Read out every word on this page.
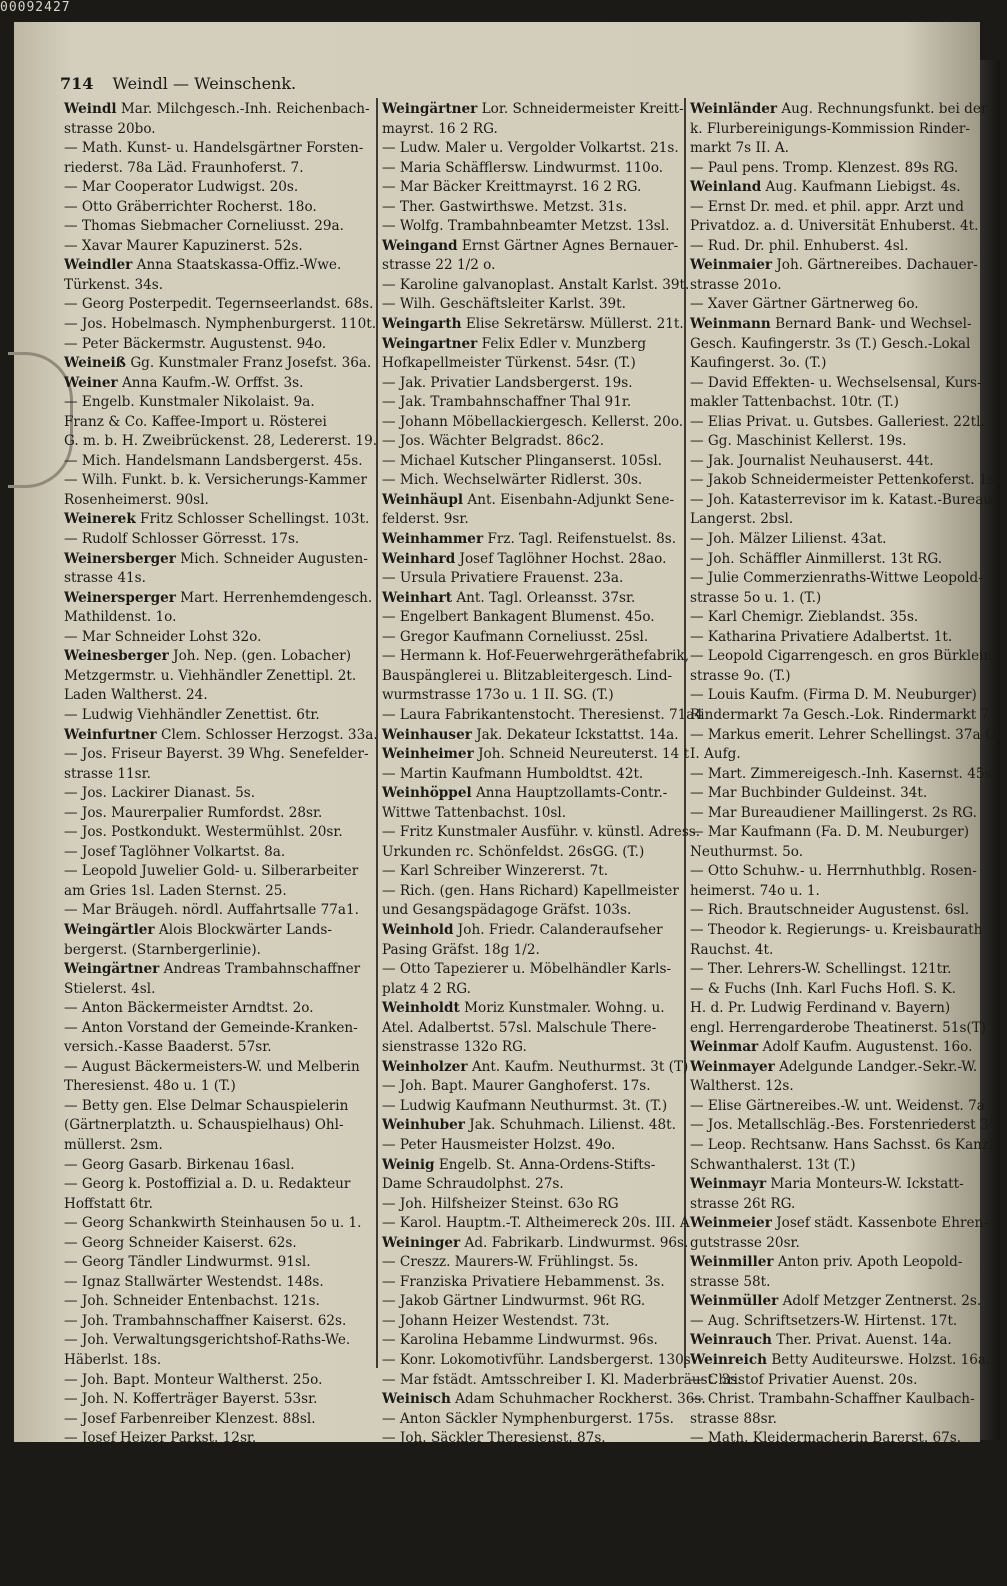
00092427
714 Weindl — Weinschenk.
Weindl Mar. Milchgesch.-Inh. Reichenbach-
strasse 20bo.
— Math. Kunst- u. Handelsgärtner Forsten-
riederst. 78a Läd. Fraunhoferst. 7.
— Mar Cooperator Ludwigst. 20s.
— Otto Gräberrichter Rocherst. 18o.
— Thomas Siebmacher Corneliusst. 29a.
— Xavar Maurer Kapuzinerst. 52s.
Weindler Anna Staatskassa-Offiz.-Wwe.
Türkenst. 34s.
— Georg Posterpedit. Tegernseerlandst. 68s.
— Jos. Hobelmasch. Nymphenburgerst. 110t.
— Peter Bäckermstr. Augustenst. 94o.
Weineiß Gg. Kunstmaler Franz Josefst. 36a.
Weiner Anna Kaufm.-W. Orffst. 3s.
— Engelb. Kunstmaler Nikolaist. 9a.
Franz & Co. Kaffee-Import u. Rösterei
G. m. b. H. Zweibrückenst. 28, Ledererst. 19.
— Mich. Handelsmann Landsbergerst. 45s.
— Wilh. Funkt. b. k. Versicherungs-Kammer
Rosenheimerst. 90sl.
Weinerek Fritz Schlosser Schellingst. 103t.
— Rudolf Schlosser Görresst. 17s.
Weinersberger Mich. Schneider Augusten-
strasse 41s.
Weinersperger Mart. Herrenhemdengesch.
Mathildenst. 1o.
— Mar Schneider Lohst 32o.
Weinesberger Joh. Nep. (gen. Lobacher)
Metzgermstr. u. Viehhändler Zenettipl. 2t.
Laden Waltherst. 24.
— Ludwig Viehhändler Zenettist. 6tr.
Weinfurtner Clem. Schlosser Herzogst. 33a.
— Jos. Friseur Bayerst. 39 Whg. Senefelder-
strasse 11sr.
— Jos. Lackirer Dianast. 5s.
— Jos. Maurerpalier Rumfordst. 28sr.
— Jos. Postkondukt. Westermühlst. 20sr.
— Josef Taglöhner Volkartst. 8a.
— Leopold Juwelier Gold- u. Silberarbeiter
am Gries 1sl. Laden Sternst. 25.
— Mar Bräugeh. nördl. Auffahrtsalle 77a1.
Weingärtler Alois Blockwärter Lands-
bergerst. (Starnbergerlinie).
Weingärtner Andreas Trambahnschaffner
Stielerst. 4sl.
— Anton Bäckermeister Arndtst. 2o.
— Anton Vorstand der Gemeinde-Kranken-
versich.-Kasse Baaderst. 57sr.
— August Bäckermeisters-W. und Melberin
Theresienst. 48o u. 1 (T.)
— Betty gen. Else Delmar Schauspielerin
(Gärtnerplatzth. u. Schauspielhaus) Ohl-
müllerst. 2sm.
— Georg Gasarb. Birkenau 16asl.
— Georg k. Postoffizial a. D. u. Redakteur
Hoffstatt 6tr.
— Georg Schankwirth Steinhausen 5o u. 1.
— Georg Schneider Kaiserst. 62s.
— Georg Tändler Lindwurmst. 91sl.
— Ignaz Stallwärter Westendst. 148s.
— Joh. Schneider Entenbachst. 121s.
— Joh. Trambahnschaffner Kaiserst. 62s.
— Joh. Verwaltungsgerichtshof-Raths-We.
Häberlst. 18s.
— Joh. Bapt. Monteur Waltherst. 25o.
— Joh. N. Kofferträger Bayerst. 53sr.
— Josef Farbenreiber Klenzest. 88sl.
— Josef Heizer Parkst. 12sr.
— Josef Melber Götheſt. 20o. Lad. Schleiß-
heimerst. 13.
— Karl Polizeifunktionär Schornst. 2s.
— Karol. Milchhändlerin u. Zeitungsfiliale
Louisenst. 66o.
— Kaspar Hoftheat.-Gard.-Geh. Cornelius-
strasse 16a.
Weingärtner Lor. Schneidermeister Kreitt-
mayrst. 16 2 RG.
— Ludw. Maler u. Vergolder Volkartst. 21s.
— Maria Schäfflersw. Lindwurmst. 110o.
— Mar Bäcker Kreittmayrst. 16 2 RG.
— Ther. Gastwirthswe. Metzst. 31s.
— Wolfg. Trambahnbeamter Metzst. 13sl.
Weingand Ernst Gärtner Agnes Bernauer-
strasse 22 1/2 o.
— Karoline galvanoplast. Anstalt Karlst. 39t.
— Wilh. Geschäftsleiter Karlst. 39t.
Weingarth Elise Sekretärsw. Müllerst. 21t.
Weingartner Felix Edler v. Munzberg
Hofkapellmeister Türkenst. 54sr. (T.)
— Jak. Privatier Landsbergerst. 19s.
— Jak. Trambahnschaffner Thal 91r.
— Johann Möbellackiergesch. Kellerst. 20o.
— Jos. Wächter Belgradst. 86c2.
— Michael Kutscher Plinganserst. 105sl.
— Mich. Wechselwärter Ridlerst. 30s.
Weinhäupl Ant. Eisenbahn-Adjunkt Sene-
felderst. 9sr.
Weinhammer Frz. Tagl. Reifenstuelst. 8s.
Weinhard Josef Taglöhner Hochst. 28ao.
— Ursula Privatiere Frauenst. 23a.
Weinhart Ant. Tagl. Orleansst. 37sr.
— Engelbert Bankagent Blumenst. 45o.
— Gregor Kaufmann Corneliusst. 25sl.
— Hermann k. Hof-Feuerwehrgeräthefabrik,
Bauspänglerei u. Blitzableitergesch. Lind-
wurmstrasse 173o u. 1 II. SG. (T.)
— Laura Fabrikantenstocht. Theresienst. 71a4
Weinhauser Jak. Dekateur Ickstattst. 14a.
Weinheimer Joh. Schneid Neureuterst. 14 t
— Martin Kaufmann Humboldtst. 42t.
Weinhöppel Anna Hauptzollamts-Contr.-
Wittwe Tattenbachst. 10sl.
— Fritz Kunstmaler Ausführ. v. künstl. Adress.
Urkunden rc. Schönfeldst. 26sGG. (T.)
— Karl Schreiber Winzererst. 7t.
— Rich. (gen. Hans Richard) Kapellmeister
und Gesangspädagoge Gräfst. 103s.
Weinhold Joh. Friedr. Calanderaufseher
Pasing Gräfst. 18g 1/2.
— Otto Tapezierer u. Möbelhändler Karls-
platz 4 2 RG.
Weinholdt Moriz Kunstmaler. Wohng. u.
Atel. Adalbertst. 57sl. Malschule There-
sienstrasse 132o RG.
Weinholzer Ant. Kaufm. Neuthurmst. 3t (T)
— Joh. Bapt. Maurer Ganghoferst. 17s.
— Ludwig Kaufmann Neuthurmst. 3t. (T.)
Weinhuber Jak. Schuhmach. Lilienst. 48t.
— Peter Hausmeister Holzst. 49o.
Weinig Engelb. St. Anna-Ordens-Stifts-
Dame Schraudolphst. 27s.
— Joh. Hilfsheizer Steinst. 63o RG
— Karol. Hauptm.-T. Altheimereck 20s. III. A
Weininger Ad. Fabrikarb. Lindwurmst. 96s.
— Creszz. Maurers-W. Frühlingst. 5s.
— Franziska Privatiere Hebammenst. 3s.
— Jakob Gärtner Lindwurmst. 96t RG.
— Johann Heizer Westendst. 73t.
— Karolina Hebamme Lindwurmst. 96s.
— Konr. Lokomotivführ. Landsbergerst. 130s
— Mar fstädt. Amtsschreiber I. Kl. Maderbräust. 3s.
Weinisch Adam Schuhmacher Rockherst. 36s.
— Anton Säckler Nymphenburgerst. 175s.
— Joh. Säckler Theresienst. 87s.
— Joh. Säckler Ledererst. 17s Lad. Thal 77.
— Karl kgl. Gymnasiallehrer für Zeichnen
Hohenzollernst. 54sr.
— Karl Monteur Occamst. 1s.
Weinknecht Johann Vergold. Türkenst. 20a
Werkst. Theresienst. 66o.
Weinländer Aug. Rechnungsfunkt. bei der
k. Flurbereinigungs-Kommission Rinder-
markt 7s II. A.
— Paul pens. Tromp. Klenzest. 89s RG.
Weinland Aug. Kaufmann Liebigst. 4s.
— Ernst Dr. med. et phil. appr. Arzt und
Privatdoz. a. d. Universität Enhuberst. 4t.
— Rud. Dr. phil. Enhuberst. 4sl.
Weinmaier Joh. Gärtnereibes. Dachauer-
strasse 201o.
— Xaver Gärtner Gärtnerweg 6o.
Weinmann Bernard Bank- und Wechsel-
Gesch. Kaufingerstr. 3s (T.) Gesch.-Lokal
Kaufingerst. 3o. (T.)
— David Effekten- u. Wechselsensal, Kurs-
makler Tattenbachst. 10tr. (T.)
— Elias Privat. u. Gutsbes. Galleriest. 22tl.
— Gg. Maschinist Kellerst. 19s.
— Jak. Journalist Neuhauserst. 44t.
— Jakob Schneidermeister Pettenkoferst. 1s.
— Joh. Katasterrevisor im k. Katast.-Bureau
Langerst. 2bsl.
— Joh. Mälzer Lilienst. 43at.
— Joh. Schäffler Ainmillerst. 13t RG.
— Julie Commerzienraths-Wittwe Leopold-
strasse 5o u. 1. (T.)
— Karl Chemigr. Zieblandst. 35s.
— Katharina Privatiere Adalbertst. 1t.
— Leopold Cigarrengesch. en gros Bürklein-
strasse 9o. (T.)
— Louis Kaufm. (Firma D. M. Neuburger)
Rindermarkt 7a Gesch.-Lok. Rindermarkt 7
— Markus emerit. Lehrer Schellingst. 37a GG
I. Aufg.
— Mart. Zimmereigesch.-Inh. Kasernst. 45s.
— Mar Buchbinder Guldeinst. 34t.
— Mar Bureaudiener Maillingerst. 2s RG.
— Mar Kaufmann (Fa. D. M. Neuburger)
Neuthurmst. 5o.
— Otto Schuhw.- u. Herrnhuthblg. Rosen-
heimerst. 74o u. 1.
— Rich. Brautschneider Augustenst. 6sl.
— Theodor k. Regierungs- u. Kreisbaurath
Rauchst. 4t.
— Ther. Lehrers-W. Schellingst. 121tr.
— & Fuchs (Inh. Karl Fuchs Hofl. S. K.
H. d. Pr. Ludwig Ferdinand v. Bayern)
engl. Herrengarderobe Theatinerst. 51s(T)
Weinmar Adolf Kaufm. Augustenst. 16o.
Weinmayer Adelgunde Landger.-Sekr.-W.
Waltherst. 12s.
— Elise Gärtnereibes.-W. unt. Weidenst. 7a
— Jos. Metallschläg.-Bes. Forstenriederst 30.
— Leop. Rechtsanw. Hans Sachsst. 6s Kanzl.
Schwanthalerst. 13t (T.)
Weinmayr Maria Monteurs-W. Ickstatt-
strasse 26t RG.
Weinmeier Josef städt. Kassenbote Ehren-
gutstrasse 20sr.
Weinmiller Anton priv. Apoth Leopold-
strasse 58t.
Weinmüller Adolf Metzger Zentnerst. 2s.
— Aug. Schriftsetzers-W. Hirtenst. 17t.
Weinrauch Ther. Privat. Auenst. 14a.
Weinreich Betty Auditeurswe. Holzst. 16a.
— Christof Privatier Auenst. 20s.
— Christ. Trambahn-Schaffner Kaulbach-
strasse 88sr.
— Math. Kleidermacherin Barerst. 67s.
— Sidonie Privatiersww. Wörthst. 28s.
Weinrich Hieronym. Abtheil.-Vorstand der
Münch. Rückversich.-Ges. Ungererst. 6s.
— Karl v. General der Kavall. z. D. Excellenz
Louisenst. 24t.
Weinschenk Ernst Dr. phil. a. o. Universit.-
Professor Georgenst. 35s.
